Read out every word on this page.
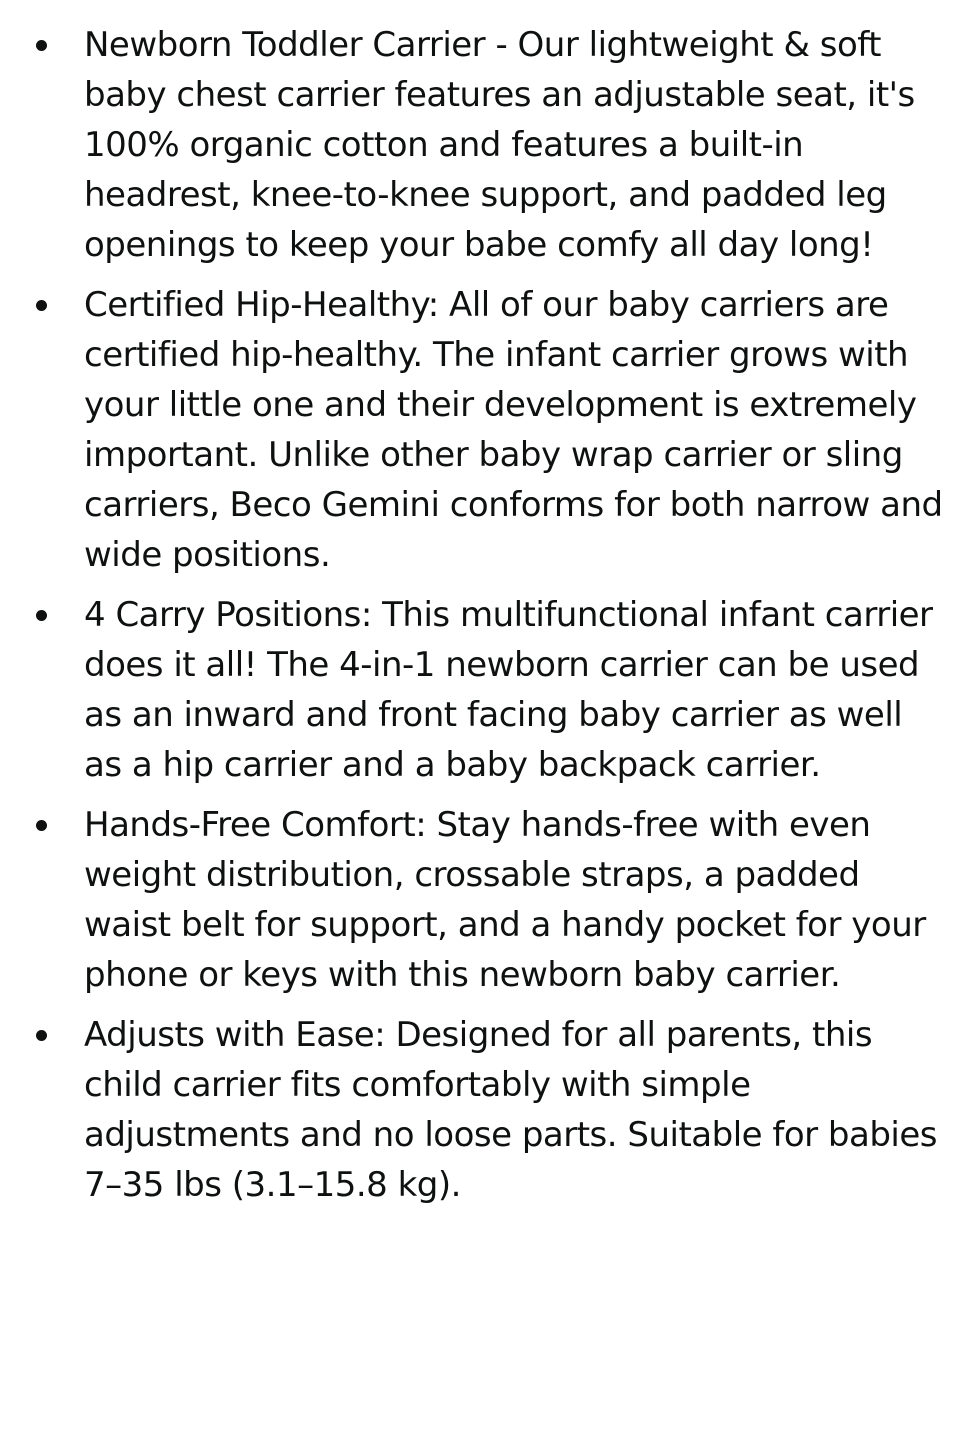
Newborn Toddler Carrier - Our lightweight & soft baby chest carrier features an adjustable seat, it's 100% organic cotton and features a built-in headrest, knee-to-knee support, and padded leg openings to keep your babe comfy all day long!
Certified Hip-Healthy: All of our baby carriers are certified hip-healthy. The infant carrier grows with your little one and their development is extremely important. Unlike other baby wrap carrier or sling carriers, Beco Gemini conforms for both narrow and wide positions.
4 Carry Positions: This multifunctional infant carrier does it all! The 4-in-1 newborn carrier can be used as an inward and front facing baby carrier as well as a hip carrier and a baby backpack carrier.
Hands-Free Comfort: Stay hands-free with even weight distribution, crossable straps, a padded waist belt for support, and a handy pocket for your phone or keys with this newborn baby carrier.
Adjusts with Ease: Designed for all parents, this child carrier fits comfortably with simple adjustments and no loose parts. Suitable for babies 7–35 lbs (3.1–15.8 kg).
